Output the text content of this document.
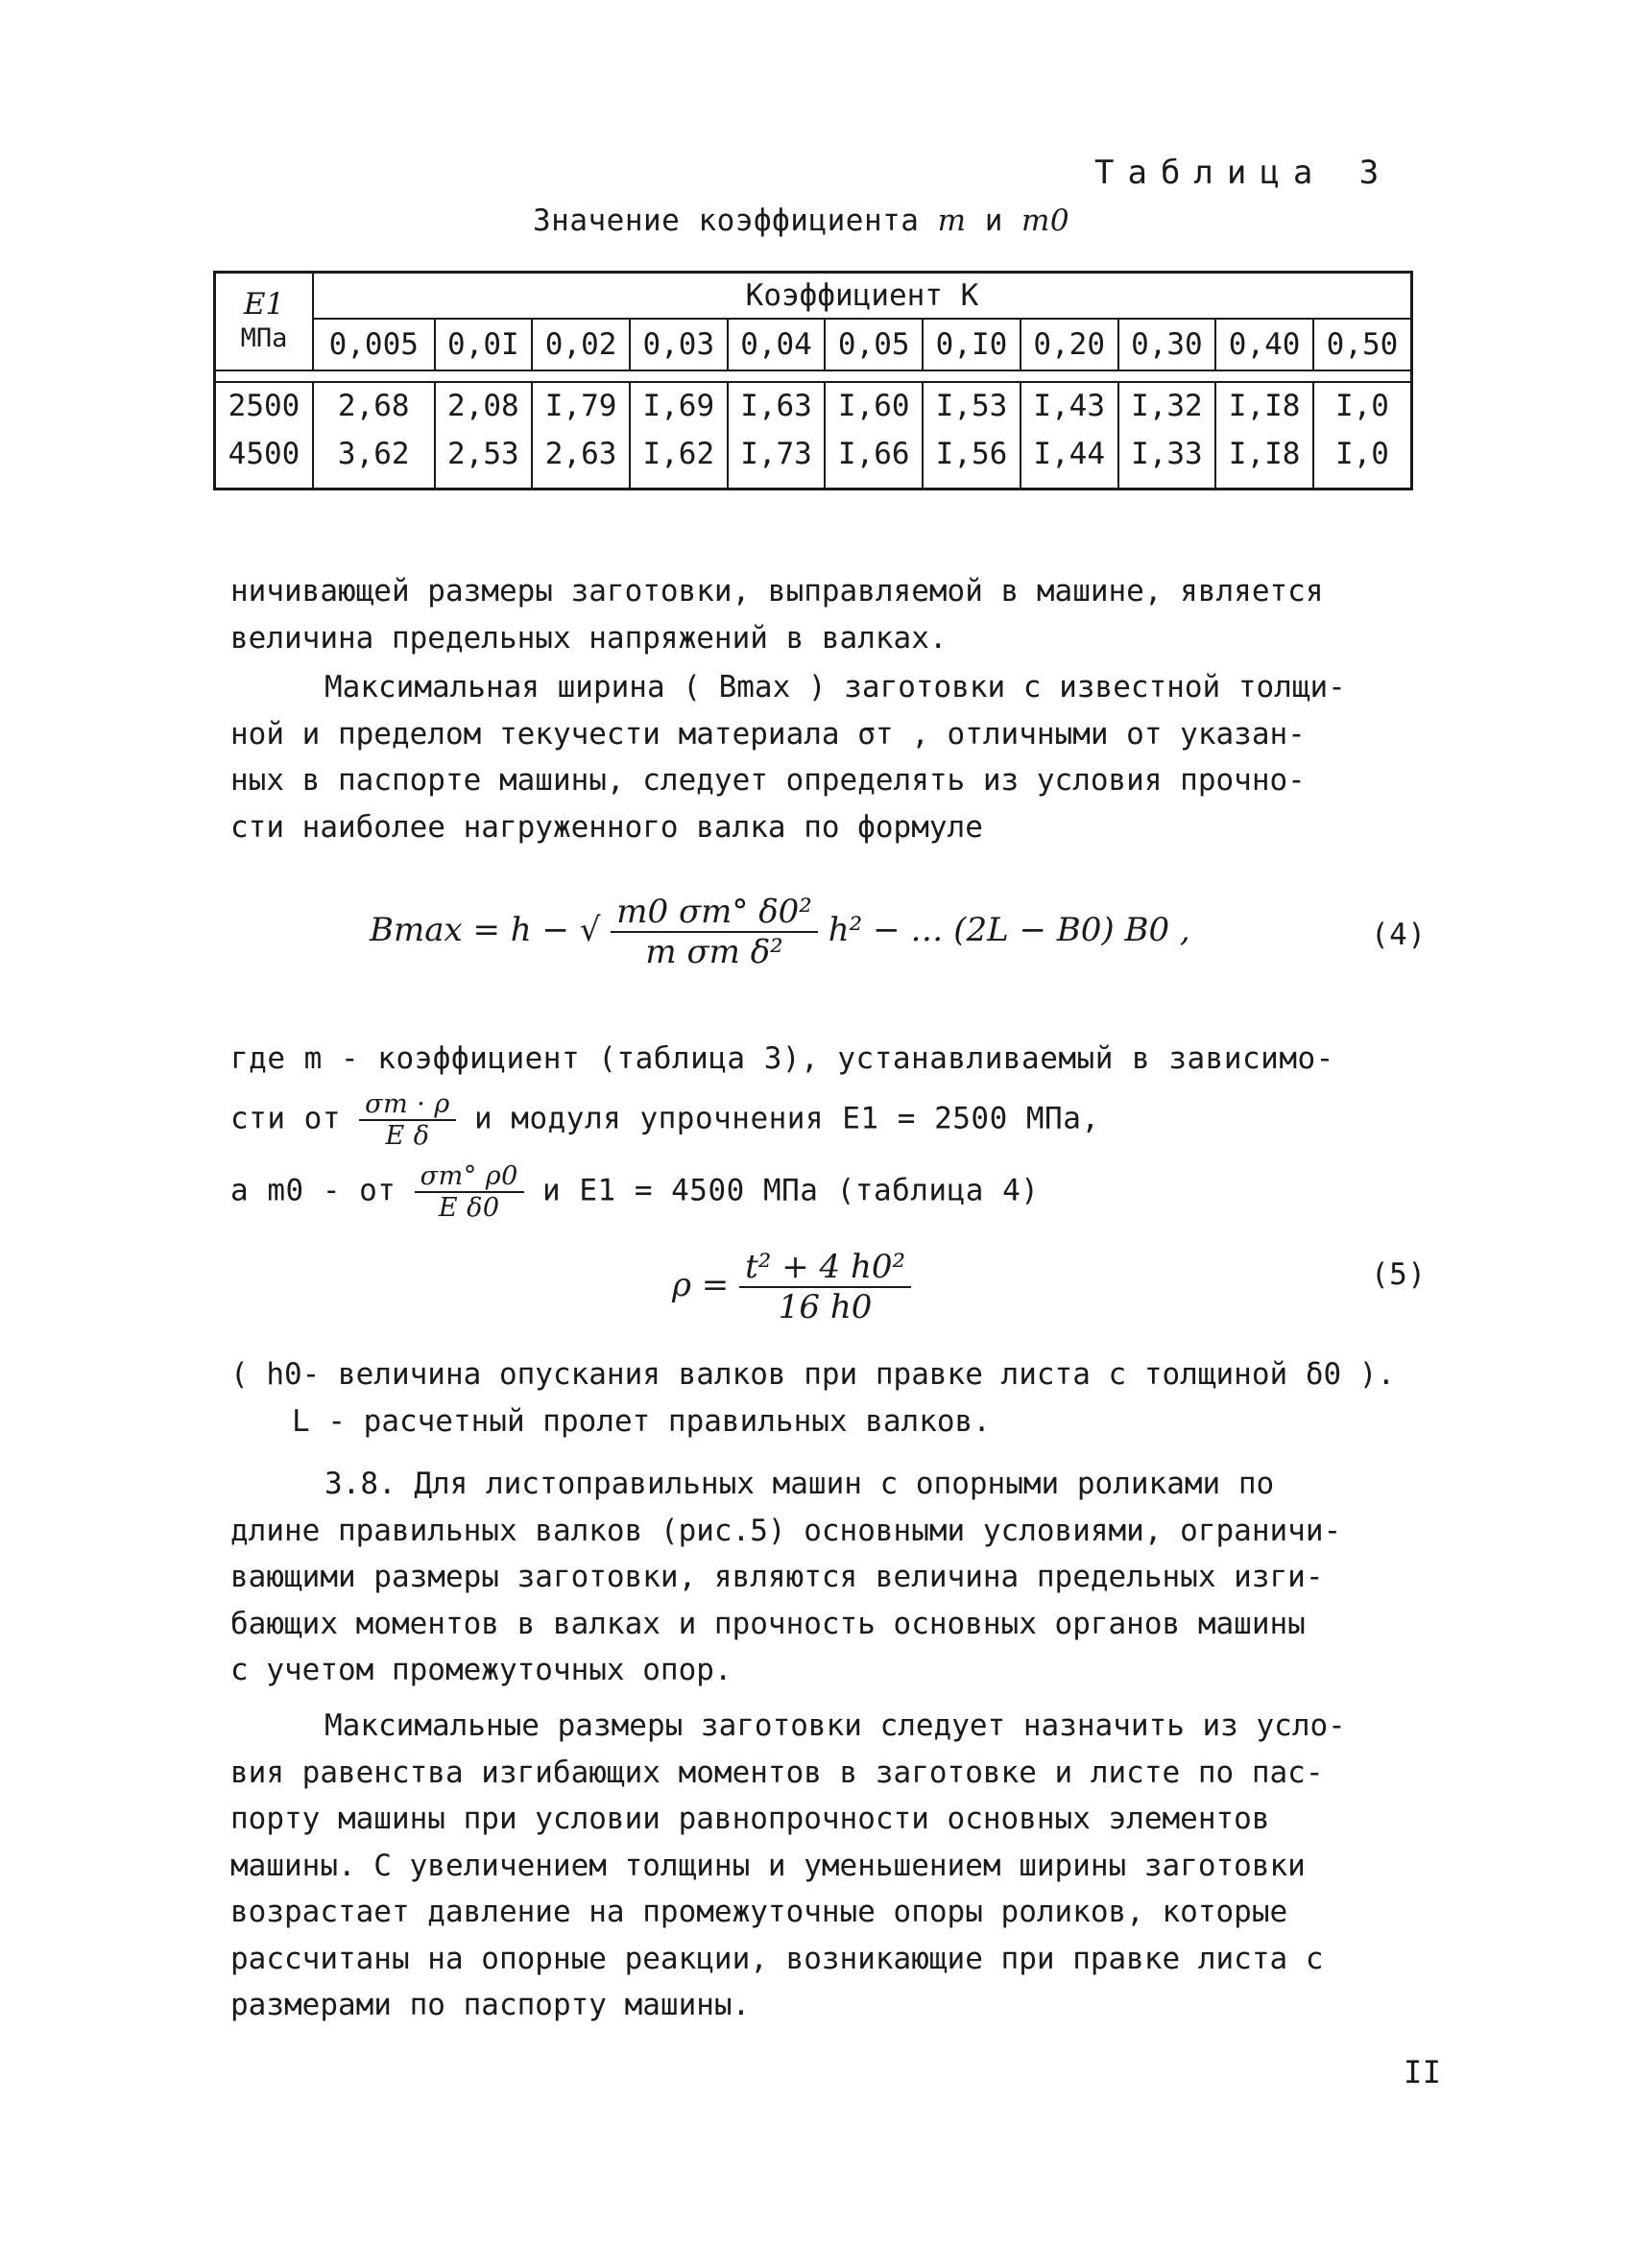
Таблица 3
Значение коэффициента m и m0
E1
МПа	Коэффициент K										
	0,005	0,0I	0,02	0,03	0,04	0,05	0,I0	0,20	0,30	0,40	0,50

2500	2,68	2,08	I,79	I,69	I,63	I,60	I,53	I,43	I,32	I,I8	I,0
4500	3,62	2,53	2,63	I,62	I,73	I,66	I,56	I,44	I,33	I,I8	I,0

ничивающей размеры заготовки, выправляемой в машине, является
величина предельных напряжений в валках.
Максимальная ширина ( Bmax ) заготовки с известной толщи-
ной и пределом текучести материала σт , отличными от указан-
ных в паспорте машины, следует определять из условия прочно-
сти наиболее нагруженного валка по формуле
Bmax = h − √ $\frac{\text{m0 σт° δ0²}}{\text{m σт δ²}} h^2$ − … (2L − B0) B0 ,	(4)
где m - коэффициент (таблица 3), устанавливаемый в зависимо-
сти от $\frac{\sigma т \cdot \rho}{\text{E δ}}$ и модуля упрочнения E1 = 2500 МПа,
а m0 - от $\frac{\sigma т^\circ \rho 0}{\text{E δ0}}$ и E1 = 4500 МПа (таблица 4)
$\rho = \frac{\text{t² + 4 h0²}}{16 h0}$	(5)
( h0- величина опускания валков при правке листа с толщиной δ0 ).
L - расчетный пролет правильных валков.
3.8. Для листоправильных машин с опорными роликами по
длине правильных валков (рис.5) основными условиями, ограничи-
вающими размеры заготовки, являются величина предельных изги-
бающих моментов в валках и прочность основных органов машины
с учетом промежуточных опор.
Максимальные размеры заготовки следует назначить из усло-
вия равенства изгибающих моментов в заготовке и листе по пас-
порту машины при условии равнопрочности основных элементов
машины. С увеличением толщины и уменьшением ширины заготовки
возрастает давление на промежуточные опоры роликов, которые
рассчитаны на опорные реакции, возникающие при правке листа с
размерами по паспорту машины.
II
